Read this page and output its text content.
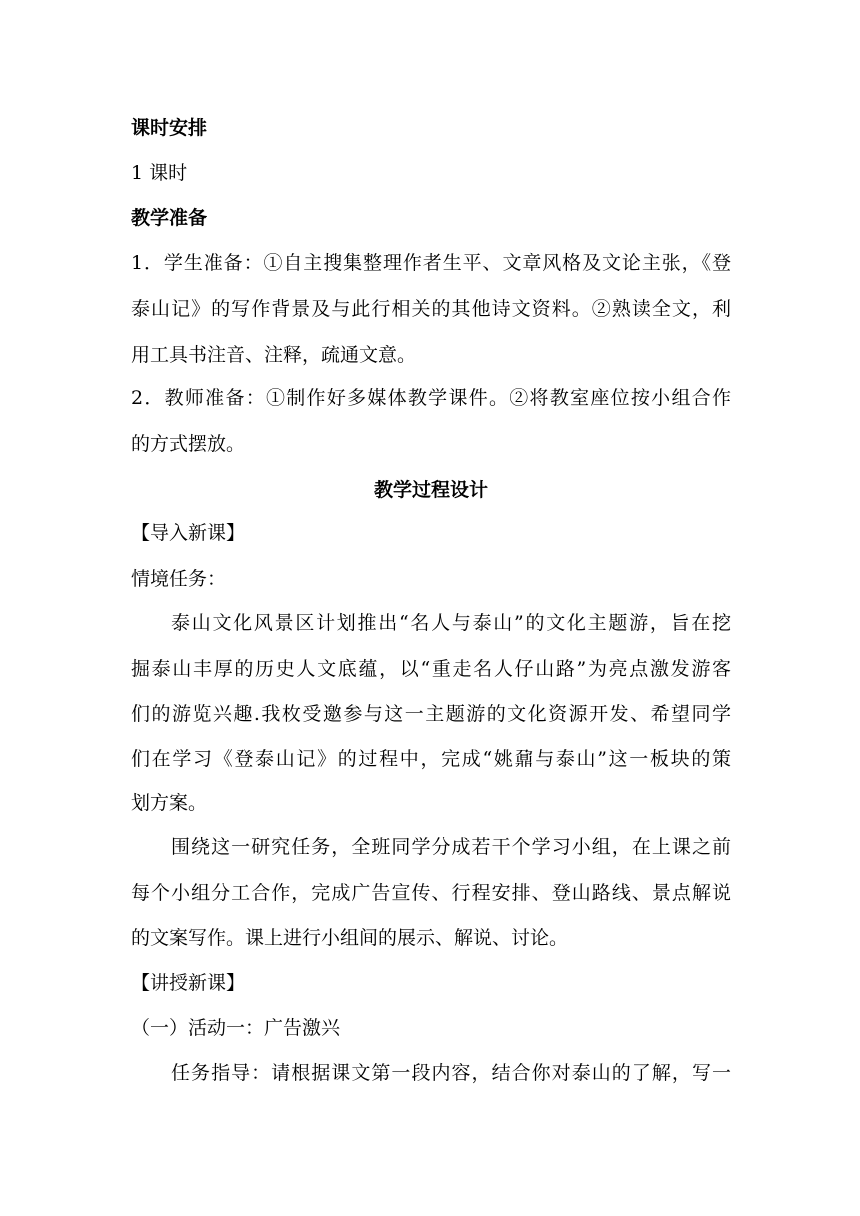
课时安排
1 课时
教学准备
1．学生准备：①自主搜集整理作者生平、文章风格及文论主张，《登
泰山记》的写作背景及与此行相关的其他诗文资料。②熟读全文，利
用工具书注音、注释，疏通文意。
2．教师准备：①制作好多媒体教学课件。②将教室座位按小组合作
的方式摆放。
教学过程设计
【导入新课】
情境任务：
泰山文化风景区计划推出“名人与泰山”的文化主题游，旨在挖
掘泰山丰厚的历史人文底蕴，以“重走名人仔山路”为亮点激发游客
们的游览兴趣.我枚受邀参与这一主题游的文化资源开发、希望同学
们在学习《登泰山记》的过程中，完成“姚鼐与泰山”这一板块的策
划方案。
围绕这一研究任务，全班同学分成若干个学习小组，在上课之前
每个小组分工合作，完成广告宣传、行程安排、登山路线、景点解说
的文案写作。课上进行小组间的展示、解说、讨论。
【讲授新课】
（一）活动一：广告激兴
任务指导：请根据课文第一段内容，结合你对泰山的了解，写一
